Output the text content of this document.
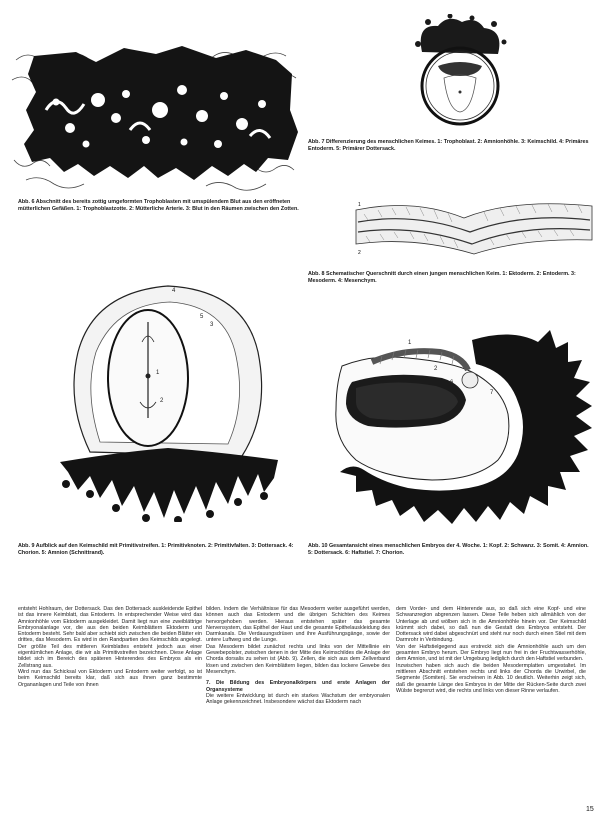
Abb. 6 Abschnitt des bereits zottig umgeformten Trophoblasten mit umspülendem Blut aus den eröffneten mütterlichen Gefäßen. 1: Trophoblastzotte. 2: Mütterliche Arterie. 3: Blut in den Räumen zwischen den Zotten.
Abb. 7 Differenzierung des menschlichen Keimes. 1: Trophoblast. 2: Amnionhöhle. 3: Keimschild. 4: Primäres Entoderm. 5: Primärer Dottersack.
1
2
Abb. 8 Schematischer Querschnitt durch einen jungen menschlichen Keim. 1: Ektoderm. 2: Entoderm. 3: Mesoderm. 4: Mesenchym.
4
5
3
1
2
Abb. 9 Aufblick auf den Keimschild mit Primitivstreifen. 1: Primitivknoten. 2: Primitivfalten. 3: Dottersack. 4: Chorion. 5: Amnion (Schnittrand).
1
2
6
7
Abb. 10 Gesamtansicht eines menschlichen Embryos der 4. Woche. 1: Kopf. 2: Schwanz. 3: Somit. 4: Amnion. 5: Dottersack. 6: Haftstiel. 7: Chorion.

entsteht Hohlraum, der Dottersack. Das den Dottersack auskleidende Epithel ist das innere Keimblatt, das Entoderm. In entsprechender Weise wird das Amnionhöhle vom Ektoderm ausgekleidet. Damit liegt nun eine zweiblättrige Embryonalanlage vor, die aus den beiden Keimblättern Ektoderm und Entoderm besteht. Sehr bald aber schiebt sich zwischen die beiden Blätter ein drittes, das Mesoderm. Es wird in den Randpartien des Keimschilds angelegt. Der größte Teil des mittleren Keimblattes entsteht jedoch aus einer eigentümlichen Anlage, die wir als Primitivstreifen bezeichnen. Diese Anlage bildet sich im Bereich des späteren Hinterendes des Embryos als ein Zellstrang aus.

Wird nun das Schicksal von Ektoderm und Entoderm weiter verfolgt, so ist beim Keimschild bereits klar, daß sich aus ihnen ganz bestimmte Organanlagen und Teile von ihnen

bilden. Indem die Verhältnisse für das Mesoderm weiter ausgeführt werden, können auch das Entoderm und die übrigen Schichten des Keimes hervorgehoben werden. Hieraus entstehen später das gesamte Nervensystem, das Epithel der Haut und die gesamte Epithelauskleidung des Darmkanals. Die Verdauungsdrüsen und ihre Ausführungsgänge, sowie der untere Luftweg und die Lunge.

Das Mesoderm bildet zunächst rechts und links von der Mittellinie ein Gewebepolster, zwischen denen in der Mitte des Keimschildes die Anlage der Chorda dorsalis zu sehen ist (Abb. 9). Zellen, die sich aus dem Zellverband lösen und zwischen den Keimblättern liegen, bilden das lockere Gewebe des Mesenchym.

7. Die Bildung des Embryonalkörpers und erste Anlagen der Organsysteme

Die weitere Entwicklung ist durch ein starkes Wachstum der embryonalen Anlage gekennzeichnet. Insbesondere wächst das Ektoderm nach

dem Vorder- und dem Hinterende aus, so daß sich eine Kopf- und eine Schwanzregion abgrenzen lassen. Diese Teile heben sich allmählich von der Unterlage ab und wölben sich in die Amnionhöhle hinein vor. Der Keimschild krümmt sich dabei, so daß nun die Gestalt des Embryos entsteht. Der Dottersack wird dabei abgeschnürt und steht nur noch durch einen Stiel mit dem Darmrohr in Verbindung.

Von der Haftstielgegend aus erstreckt sich die Amnionhöhle auch um den gesamten Embryo herum. Der Embryo liegt nun frei in der Fruchtwasserhöhle, dem Amnion, und ist mit der Umgebung lediglich durch den Haftstiel verbunden.

Inzwischen haben sich auch die beiden Mesodermplatten umgestaltet. Im mittleren Abschnitt entstehen rechts und links der Chorda die Urwirbel, die Segmente (Somiten). Sie erscheinen in Abb. 10 deutlich. Weiterhin zeigt sich, daß die gesamte Länge des Embryos in der Mitte der Rücken-Seite durch zwei Wülste begrenzt wird, die rechts und links von dieser Rinne verlaufen.

15
